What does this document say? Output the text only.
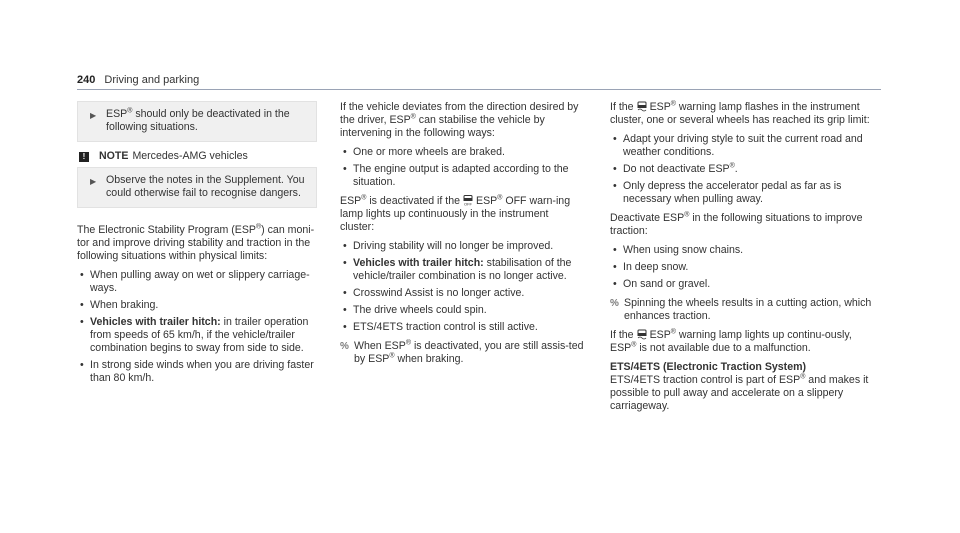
240 Driving and parking
▶ ESP® should only be deactivated in the following situations.
!	NOTE Mercedes-AMG vehicles
▶ Observe the notes in the Supplement. You could otherwise fail to recognise dangers.

The Electronic Stability Program (ESP®) can moni-tor and improve driving stability and traction in the following situations within physical limits:

• When pulling away on wet or slippery carriage-ways.
• When braking.
• Vehicles with trailer hitch: in trailer operation from speeds of 65 km/h, if the vehicle/trailer combination begins to sway from side to side.
• In strong side winds when you are driving faster than 80 km/h.

If the vehicle deviates from the direction desired by the driver, ESP® can stabilise the vehicle by intervening in the following ways:

• One or more wheels are braked.
• The engine output is adapted according to the situation.

ESP® is deactivated if the OFF ESP® OFF warn-ing lamp lights up continuously in the instrument cluster:

• Driving stability will no longer be improved.
• Vehicles with trailer hitch: stabilisation of the vehicle/trailer combination is no longer active.
• Crosswind Assist is no longer active.
• The drive wheels could spin.
• ETS/4ETS traction control is still active.
% When ESP® is deactivated, you are still assis-ted by ESP® when braking.

If the ESP® warning lamp flashes in the instrument cluster, one or several wheels has reached its grip limit:

• Adapt your driving style to suit the current road and weather conditions.
• Do not deactivate ESP®.
• Only depress the accelerator pedal as far as is necessary when pulling away.

Deactivate ESP® in the following situations to improve traction:

• When using snow chains.
• In deep snow.
• On sand or gravel.
% Spinning the wheels results in a cutting action, which enhances traction.

If the ESP® warning lamp lights up continu-ously, ESP® is not available due to a malfunction.

ETS/4ETS (Electronic Traction System)

ETS/4ETS traction control is part of ESP® and makes it possible to pull away and accelerate on a slippery carriageway.
